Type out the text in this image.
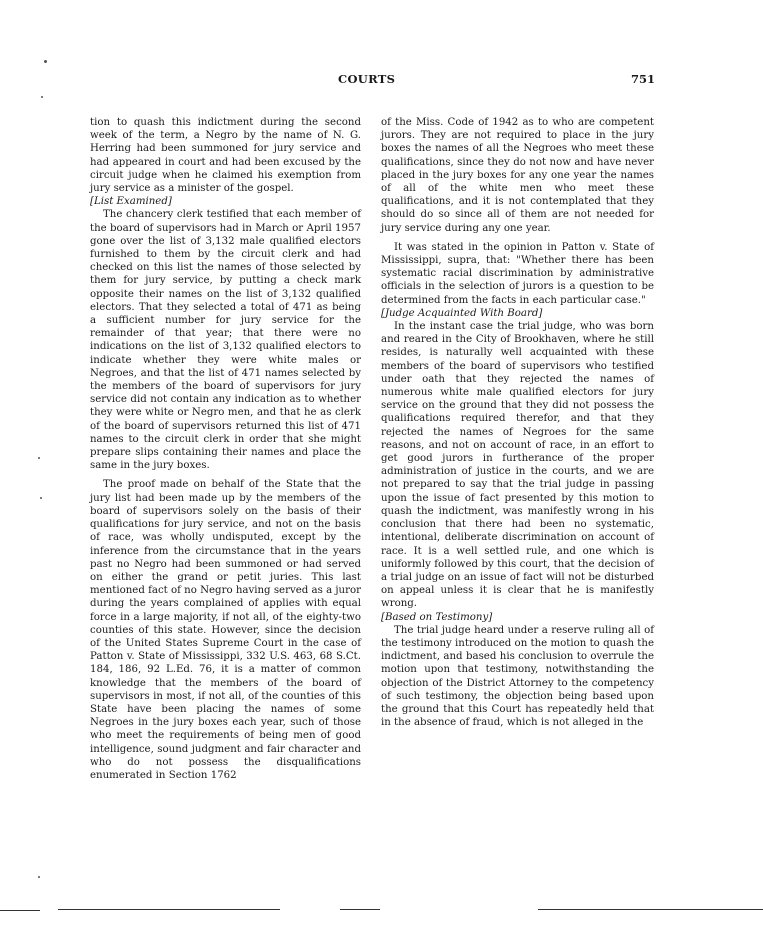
COURTS	751

tion to quash this indictment during the second week of the term, a Negro by the name of N. G. Herring had been summoned for jury service and had appeared in court and had been excused by the circuit judge when he claimed his exemption from jury service as a minister of the gospel.

[List Examined]

The chancery clerk testified that each member of the board of supervisors had in March or April 1957 gone over the list of 3,132 male qualified electors furnished to them by the circuit clerk and had checked on this list the names of those selected by them for jury service, by putting a check mark opposite their names on the list of 3,132 qualified electors. That they selected a total of 471 as being a sufficient number for jury service for the remainder of that year; that there were no indications on the list of 3,132 qualified electors to indicate whether they were white males or Negroes, and that the list of 471 names selected by the members of the board of supervisors for jury service did not contain any indication as to whether they were white or Negro men, and that he as clerk of the board of supervisors returned this list of 471 names to the circuit clerk in order that she might prepare slips containing their names and place the same in the jury boxes.

The proof made on behalf of the State that the jury list had been made up by the members of the board of supervisors solely on the basis of their qualifications for jury service, and not on the basis of race, was wholly undisputed, except by the inference from the circumstance that in the years past no Negro had been summoned or had served on either the grand or petit juries. This last mentioned fact of no Negro having served as a juror during the years complained of applies with equal force in a large majority, if not all, of the eighty-two counties of this state. However, since the decision of the United States Supreme Court in the case of Patton v. State of Mississippi, 332 U.S. 463, 68 S.Ct. 184, 186, 92 L.Ed. 76, it is a matter of common knowledge that the members of the board of supervisors in most, if not all, of the counties of this State have been placing the names of some Negroes in the jury boxes each year, such of those who meet the requirements of being men of good intelligence, sound judgment and fair character and who do not possess the disqualifications enumerated in Section 1762

of the Miss. Code of 1942 as to who are competent jurors. They are not required to place in the jury boxes the names of all the Negroes who meet these qualifications, since they do not now and have never placed in the jury boxes for any one year the names of all of the white men who meet these qualifications, and it is not contemplated that they should do so since all of them are not needed for jury service during any one year.

It was stated in the opinion in Patton v. State of Mississippi, supra, that: "Whether there has been systematic racial discrimination by administrative officials in the selection of jurors is a question to be determined from the facts in each particular case."

[Judge Acquainted With Board]

In the instant case the trial judge, who was born and reared in the City of Brookhaven, where he still resides, is naturally well acquainted with these members of the board of supervisors who testified under oath that they rejected the names of numerous white male qualified electors for jury service on the ground that they did not possess the qualifications required therefor, and that they rejected the names of Negroes for the same reasons, and not on account of race, in an effort to get good jurors in furtherance of the proper administration of justice in the courts, and we are not prepared to say that the trial judge in passing upon the issue of fact presented by this motion to quash the indictment, was manifestly wrong in his conclusion that there had been no systematic, intentional, deliberate discrimination on account of race. It is a well settled rule, and one which is uniformly followed by this court, that the decision of a trial judge on an issue of fact will not be disturbed on appeal unless it is clear that he is manifestly wrong.

[Based on Testimony]

The trial judge heard under a reserve ruling all of the testimony introduced on the motion to quash the indictment, and based his conclusion to overrule the motion upon that testimony, notwithstanding the objection of the District Attorney to the competency of such testimony, the objection being based upon the ground that this Court has repeatedly held that in the absence of fraud, which is not alleged in the
